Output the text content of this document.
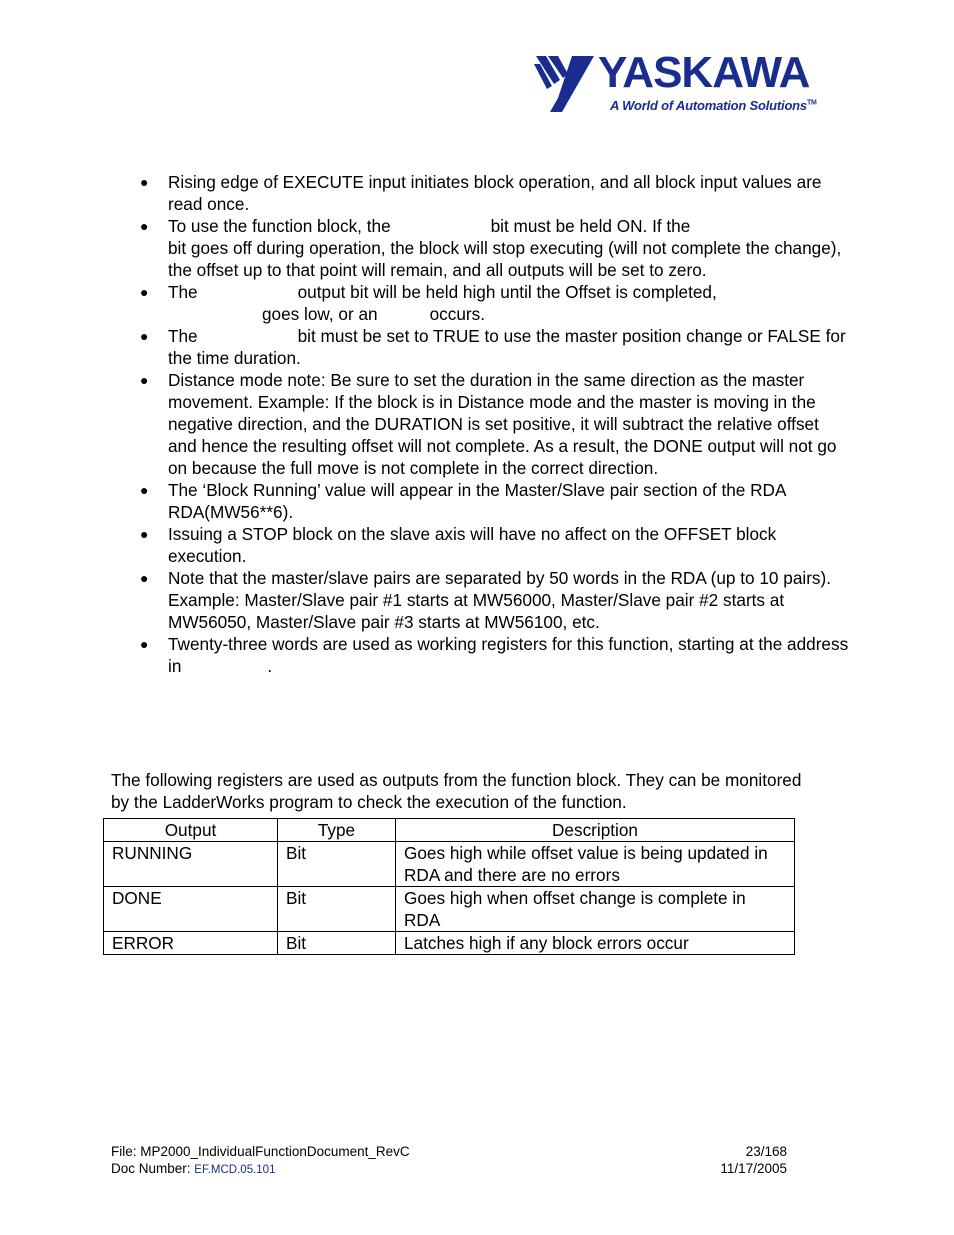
YASKAWA
A World of Automation Solutions™
● Rising edge of EXECUTE input initiates block operation, and all block input values are read once.
● To use the function block, the	bit must be held ON. If the
bit goes off during operation, the block will stop executing (will not complete the change), the offset up to that point will remain, and all outputs will be set to zero.
● The	output bit will be held high until the Offset is completed,
goes low, or an	occurs.
● The	bit must be set to TRUE to use the master position change or FALSE for the time duration.
● Distance mode note: Be sure to set the duration in the same direction as the master movement. Example: If the block is in Distance mode and the master is moving in the negative direction, and the DURATION is set positive, it will subtract the relative offset and hence the resulting offset will not complete. As a result, the DONE output will not go on because the full move is not complete in the correct direction.
● The ‘Block Running’ value will appear in the Master/Slave pair section of the RDA RDA(MW56**6).
● Issuing a STOP block on the slave axis will have no affect on the OFFSET block execution.
● Note that the master/slave pairs are separated by 50 words in the RDA (up to 10 pairs). Example: Master/Slave pair #1 starts at MW56000, Master/Slave pair #2 starts at MW56050, Master/Slave pair #3 starts at MW56100, etc.
● Twenty-three words are used as working registers for this function, starting at the address in	.

The following registers are used as outputs from the function block. They can be monitored by the LadderWorks program to check the execution of the function.

Output	Type	Description
RUNNING	Bit	Goes high while offset value is being updated in RDA and there are no errors
DONE	Bit	Goes high when offset change is complete in RDA
ERROR	Bit	Latches high if any block errors occur
File: MP2000_IndividualFunctionDocument_RevC	23/168
Doc Number: EF.MCD.05.101	11/17/2005
